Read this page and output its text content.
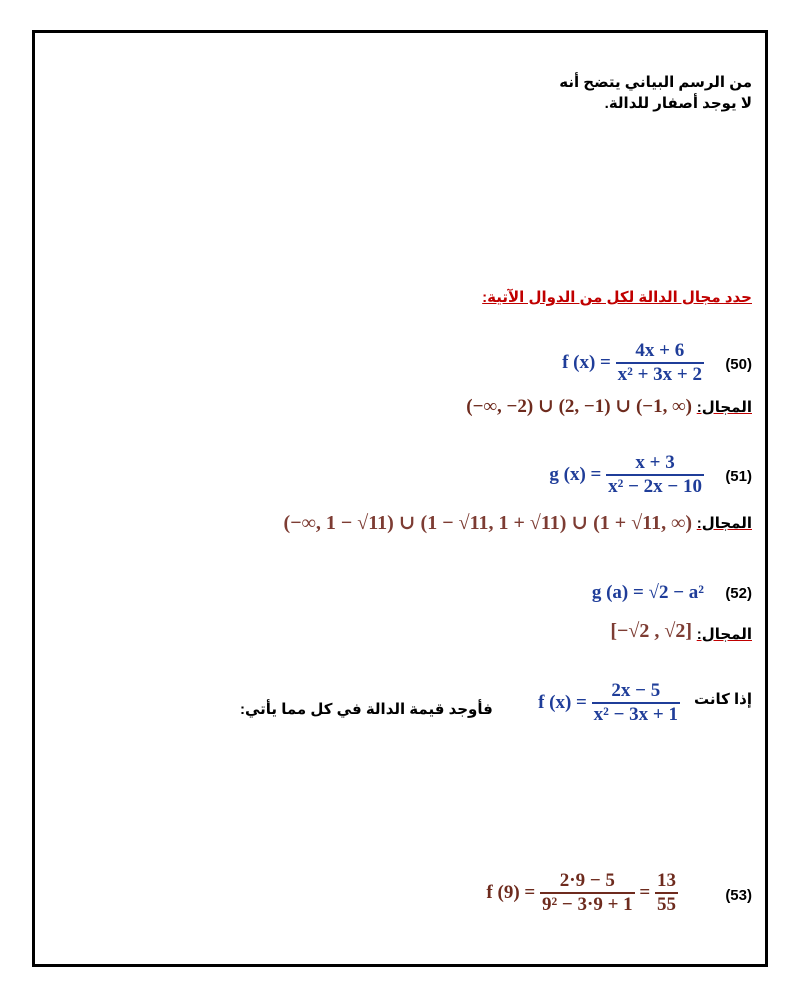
من الرسم البياني يتضح أنه
لا يوجد أصفار للدالة.
حدد مجال الدالة لكل من الدوال الآتية:
(50)
f $(x) = \frac{4x + 6}{\text{x² + 3x + 2}}$
المجال:
(−∞, −2) ∪ (2, −1) ∪ (−1, ∞)
(51)
g $(x) = \frac{x + 3}{\text{x² − 2x − 10}}$
المجال:
(−∞, 1 − √11) ∪ (1 − √11, 1 + √11) ∪ (1 + √11, ∞)
(52)
g (a) = √2 − a²
المجال:
[−√2 , √2]
إذا كانت
f $(x) = \frac{2x - 5}{\text{x² − 3x + 1}}$
فأوجد قيمة الدالة في كل مما يأتي:
(53)
f $(9) = \frac{2\cdot 9 - 5}{\text{9² − 3·9 + 1}} = \frac{13}{55}$
